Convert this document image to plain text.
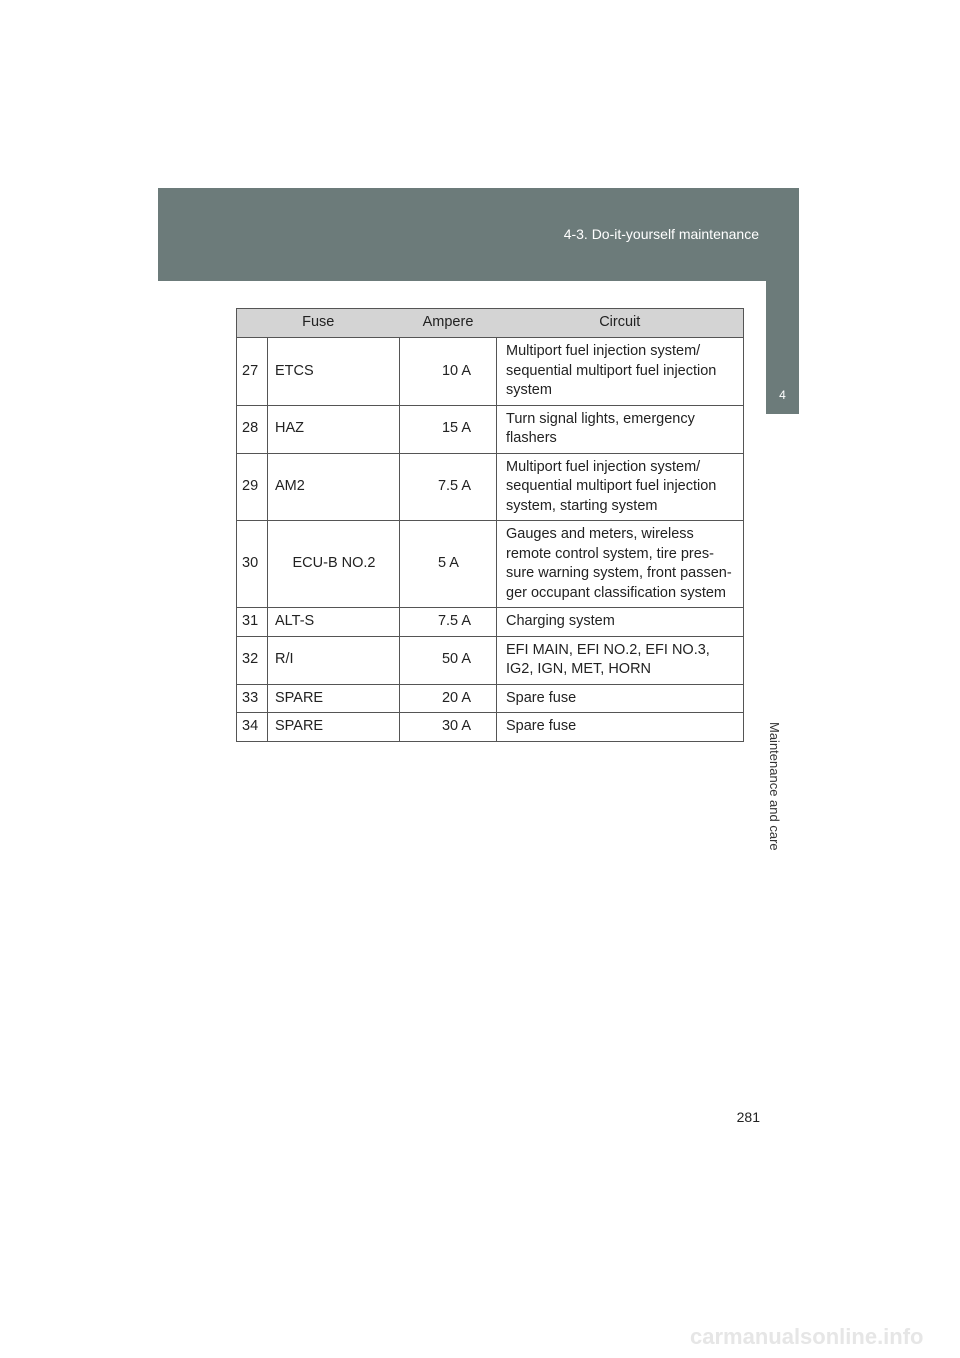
4-3. Do-it-yourself maintenance
4
Maintenance and care
Fuse		Ampere	Circuit
27	ETCS	10 A	Multiport fuel injection system/ sequential multiport fuel injection system
28	HAZ	15 A	Turn signal lights, emergency flashers
29	AM2	7.5 A	Multiport fuel injection system/ sequential multiport fuel injection system, starting system
30	ECU-B NO.2	5 A	Gauges and meters, wireless remote control system, tire pres-sure warning system, front passen-ger occupant classification system
31	ALT-S	7.5 A	Charging system
32	R/I	50 A	EFI MAIN, EFI NO.2, EFI NO.3, IG2, IGN, MET, HORN
33	SPARE	20 A	Spare fuse
34	SPARE	30 A	Spare fuse
281
carmanualsonline.info
